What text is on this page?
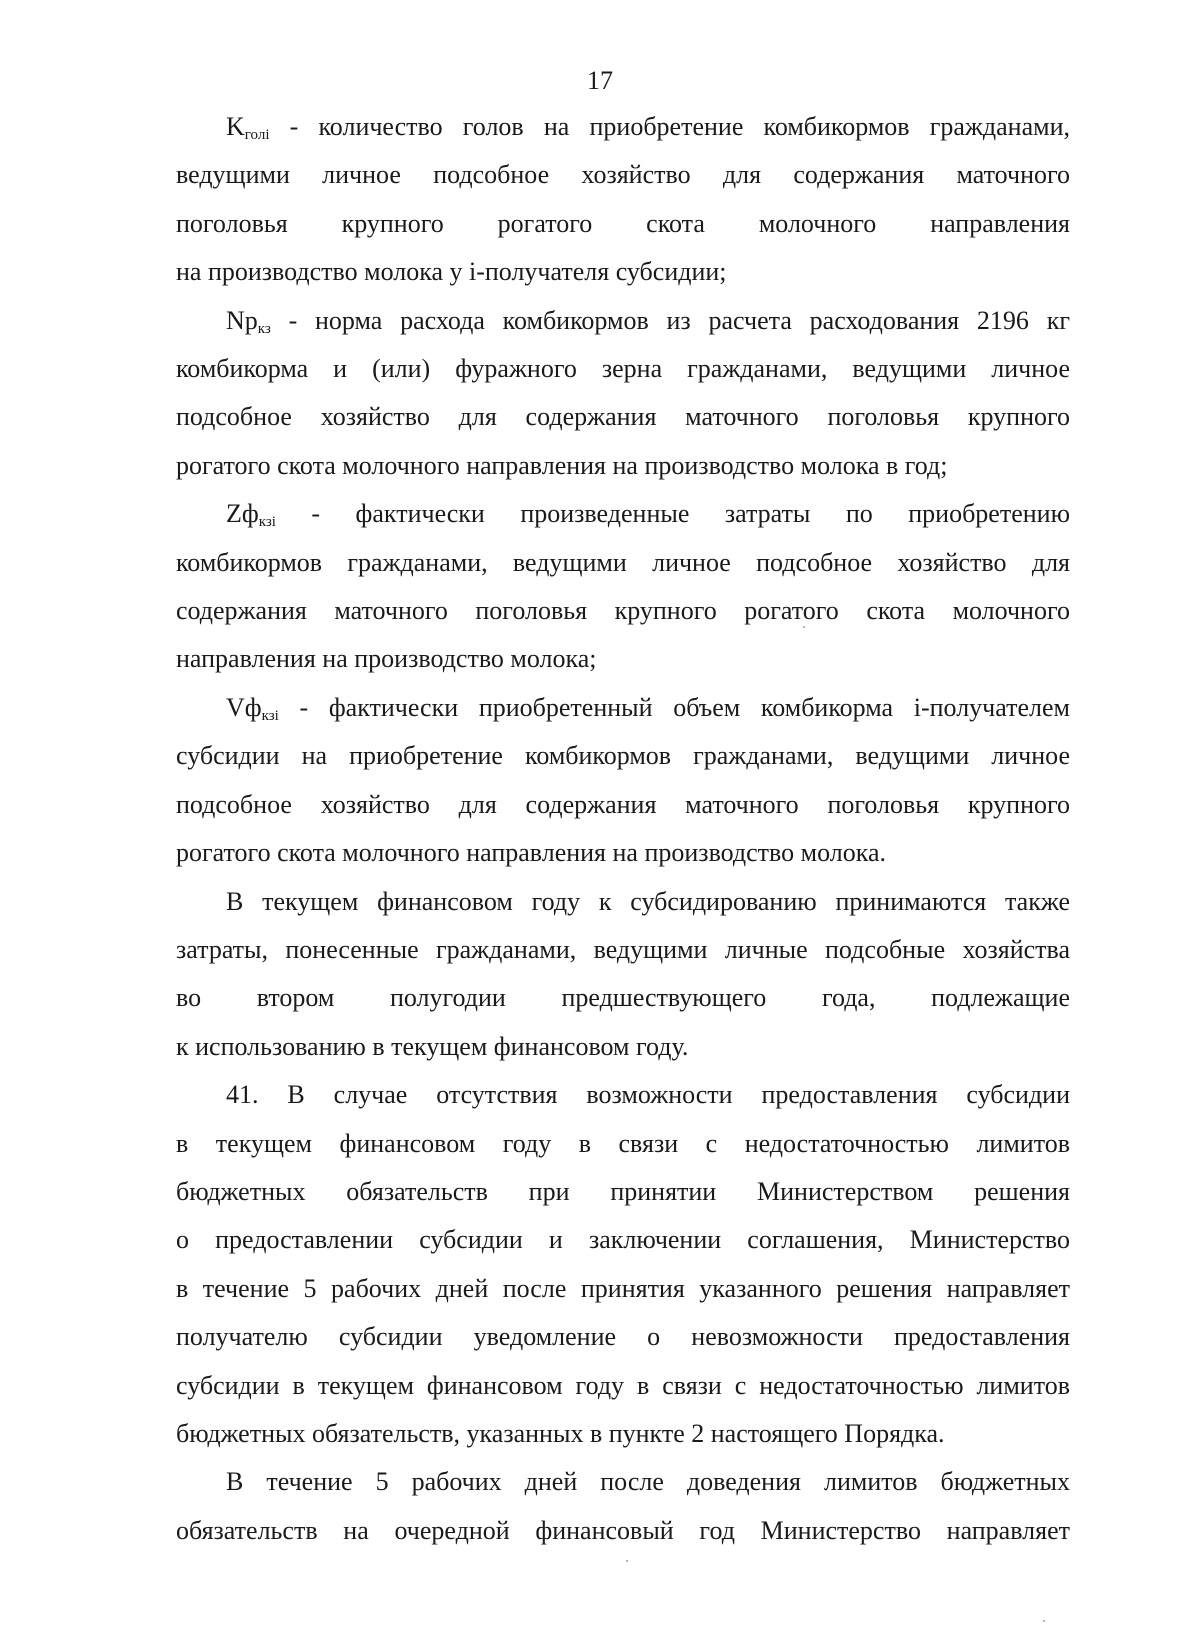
17
$K_{голі}$ - количество голов на приобретение комбикормов гражданами,
ведущими личное подсобное хозяйство для содержания маточного
поголовья крупного рогатого скота молочного направления
на производство молока у i-получателя субсидии;
$Np_{кз}$ - норма расхода комбикормов из расчета расходования 2196 кг
комбикорма и (или) фуражного зерна гражданами, ведущими личное
подсобное хозяйство для содержания маточного поголовья крупного
рогатого скота молочного направления на производство молока в год;
$Zф_{кзі}$ - фактически произведенные затраты по приобретению
комбикормов гражданами, ведущими личное подсобное хозяйство для
содержания маточного поголовья крупного рогатого скота молочного
направления на производство молока;
$Vф_{кзі}$ - фактически приобретенный объем комбикорма і-получателем
субсидии на приобретение комбикормов гражданами, ведущими личное
подсобное хозяйство для содержания маточного поголовья крупного
рогатого скота молочного направления на производство молока.
В текущем финансовом году к субсидированию принимаются также
затраты, понесенные гражданами, ведущими личные подсобные хозяйства
во втором полугодии предшествующего года, подлежащие
к использованию в текущем финансовом году.
41. В случае отсутствия возможности предоставления субсидии
в текущем финансовом году в связи с недостаточностью лимитов
бюджетных обязательств при принятии Министерством решения
о предоставлении субсидии и заключении соглашения, Министерство
в течение 5 рабочих дней после принятия указанного решения направляет
получателю субсидии уведомление о невозможности предоставления
субсидии в текущем финансовом году в связи с недостаточностью лимитов
бюджетных обязательств, указанных в пункте 2 настоящего Порядка.
В течение 5 рабочих дней после доведения лимитов бюджетных
обязательств на очередной финансовый год Министерство направляет
